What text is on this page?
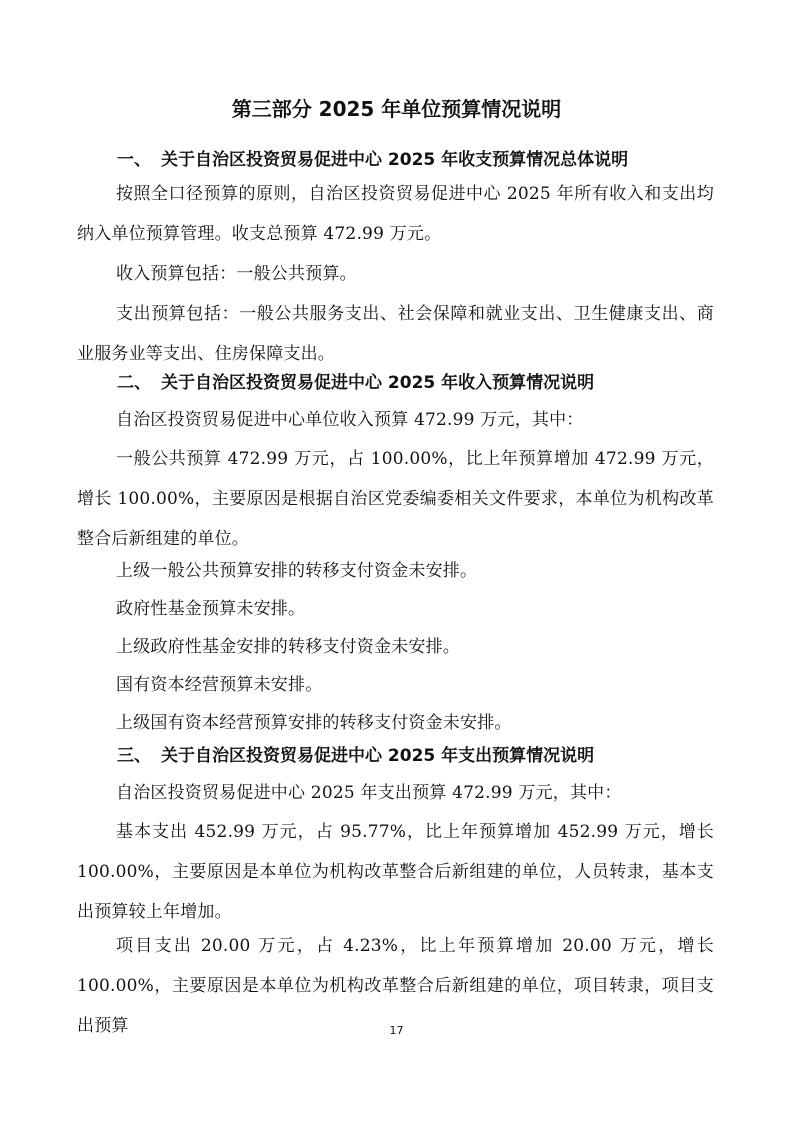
第三部分 2025 年单位预算情况说明
一、 关于自治区投资贸易促进中心 2025 年收支预算情况总体说明
按照全口径预算的原则，自治区投资贸易促进中心 2025 年所有收入和支出均纳入单位预算管理。收支总预算 472.99 万元。
收入预算包括：一般公共预算。
支出预算包括：一般公共服务支出、社会保障和就业支出、卫生健康支出、商业服务业等支出、住房保障支出。
二、 关于自治区投资贸易促进中心 2025 年收入预算情况说明
自治区投资贸易促进中心单位收入预算 472.99 万元，其中：
一般公共预算 472.99 万元，占 100.00%，比上年预算增加 472.99 万元，增长 100.00%，主要原因是根据自治区党委编委相关文件要求，本单位为机构改革整合后新组建的单位。
上级一般公共预算安排的转移支付资金未安排。
政府性基金预算未安排。
上级政府性基金安排的转移支付资金未安排。
国有资本经营预算未安排。
上级国有资本经营预算安排的转移支付资金未安排。
三、 关于自治区投资贸易促进中心 2025 年支出预算情况说明
自治区投资贸易促进中心 2025 年支出预算 472.99 万元，其中：
基本支出 452.99 万元，占 95.77%，比上年预算增加 452.99 万元，增长 100.00%，主要原因是本单位为机构改革整合后新组建的单位，人员转隶，基本支出预算较上年增加。
项目支出 20.00 万元，占 4.23%，比上年预算增加 20.00 万元，增长 100.00%，主要原因是本单位为机构改革整合后新组建的单位，项目转隶，项目支出预算	17
